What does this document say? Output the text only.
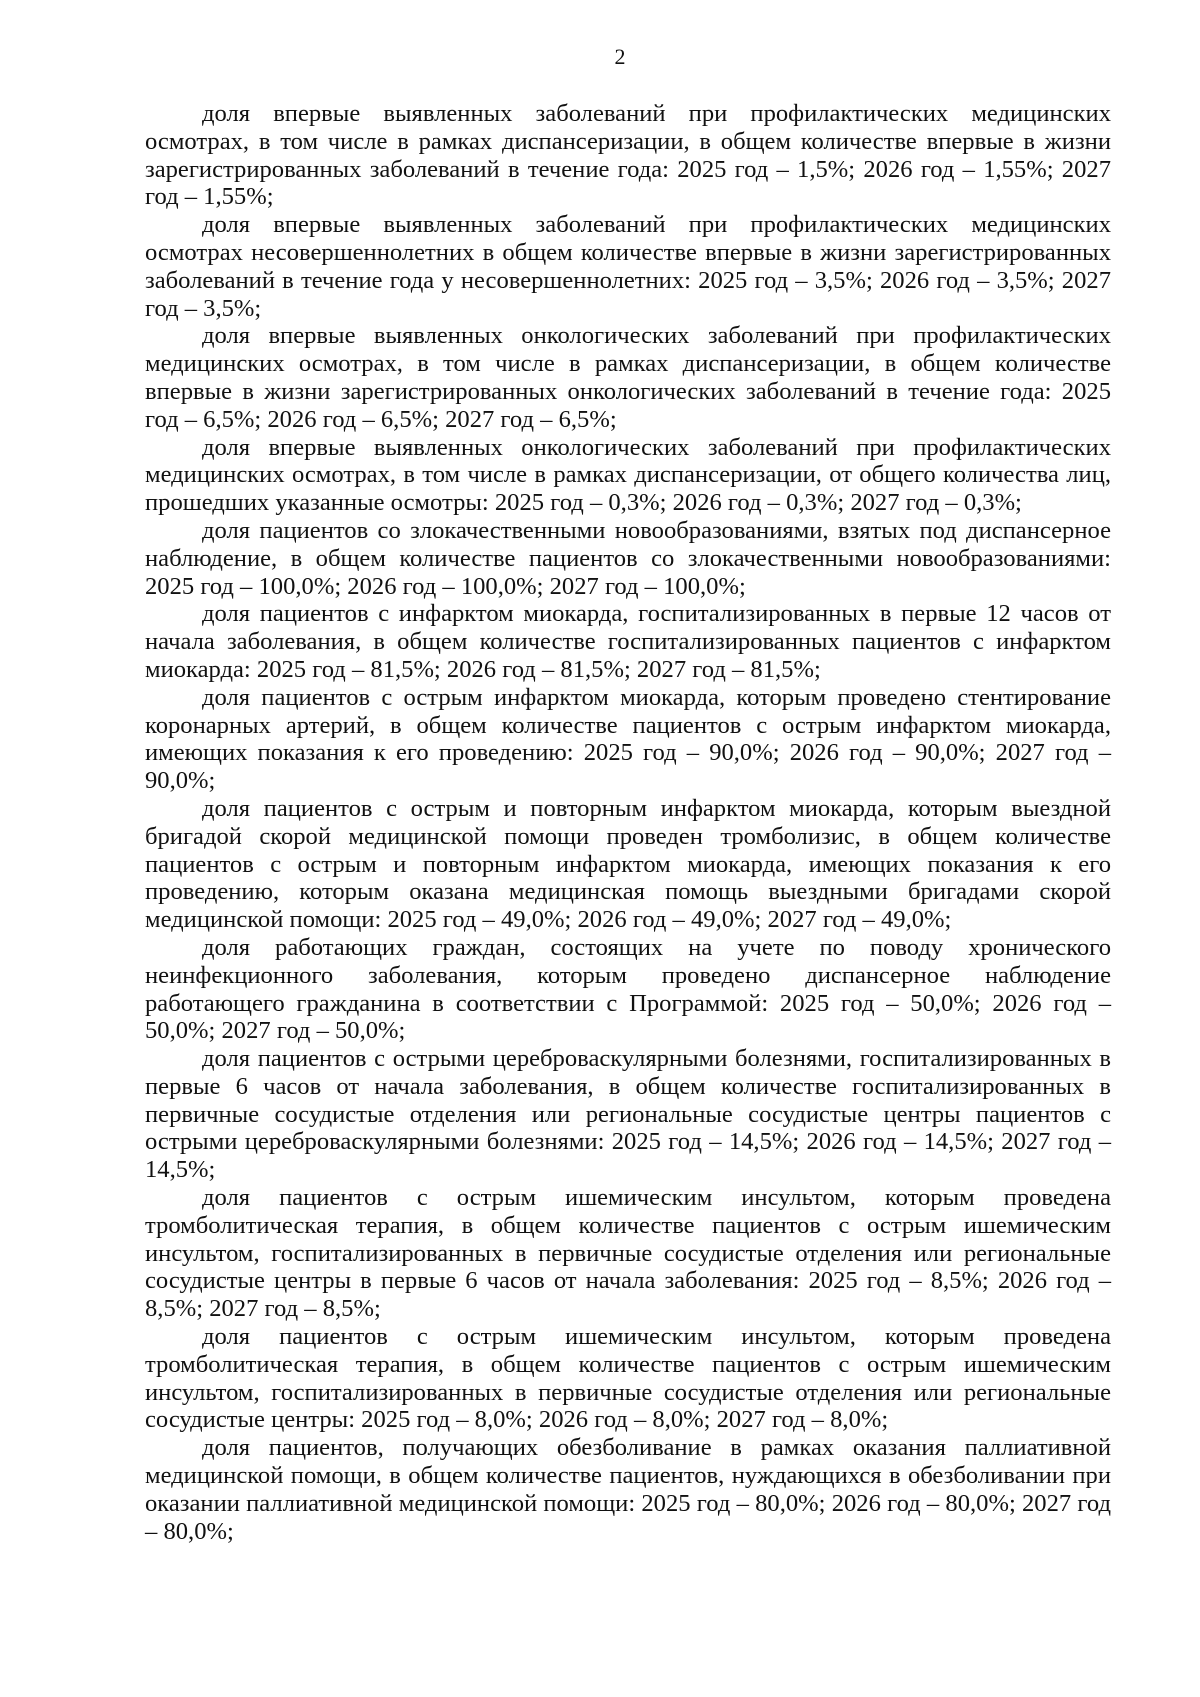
2

доля впервые выявленных заболеваний при профилактических медицинских осмотрах, в том числе в рамках диспансеризации, в общем количестве впервые в жизни зарегистрированных заболеваний в течение года: 2025 год – 1,5%; 2026 год – 1,55%; 2027 год – 1,55%;

доля впервые выявленных заболеваний при профилактических медицинских осмотрах несовершеннолетних в общем количестве впервые в жизни зарегистрированных заболеваний в течение года у несовершеннолетних: 2025 год – 3,5%; 2026 год – 3,5%; 2027 год – 3,5%;

доля впервые выявленных онкологических заболеваний при профилактических медицинских осмотрах, в том числе в рамках диспансеризации, в общем количестве впервые в жизни зарегистрированных онкологических заболеваний в течение года: 2025 год – 6,5%; 2026 год – 6,5%; 2027 год – 6,5%;

доля впервые выявленных онкологических заболеваний при профилактических медицинских осмотрах, в том числе в рамках диспансеризации, от общего количества лиц, прошедших указанные осмотры: 2025 год – 0,3%; 2026 год – 0,3%; 2027 год – 0,3%;

доля пациентов со злокачественными новообразованиями, взятых под диспансерное наблюдение, в общем количестве пациентов со злокачественными новообразованиями: 2025 год – 100,0%; 2026 год – 100,0%; 2027 год – 100,0%;

доля пациентов с инфарктом миокарда, госпитализированных в первые 12 часов от начала заболевания, в общем количестве госпитализированных пациентов с инфарктом миокарда: 2025 год – 81,5%; 2026 год – 81,5%; 2027 год – 81,5%;

доля пациентов с острым инфарктом миокарда, которым проведено стентирование коронарных артерий, в общем количестве пациентов с острым инфарктом миокарда, имеющих показания к его проведению: 2025 год – 90,0%; 2026 год – 90,0%; 2027 год – 90,0%;

доля пациентов с острым и повторным инфарктом миокарда, которым выездной бригадой скорой медицинской помощи проведен тромболизис, в общем количестве пациентов с острым и повторным инфарктом миокарда, имеющих показания к его проведению, которым оказана медицинская помощь выездными бригадами скорой медицинской помощи: 2025 год – 49,0%; 2026 год – 49,0%; 2027 год – 49,0%;

доля работающих граждан, состоящих на учете по поводу хронического неинфекционного заболевания, которым проведено диспансерное наблюдение работающего гражданина в соответствии с Программой: 2025 год – 50,0%; 2026 год –50,0%; 2027 год – 50,0%;

доля пациентов с острыми цереброваскулярными болезнями, госпитализированных в первые 6 часов от начала заболевания, в общем количестве госпитализированных в первичные сосудистые отделения или региональные сосудистые центры пациентов с острыми цереброваскулярными болезнями: 2025 год – 14,5%; 2026 год – 14,5%; 2027 год – 14,5%;

доля пациентов с острым ишемическим инсультом, которым проведена тромболитическая терапия, в общем количестве пациентов с острым ишемическим инсультом, госпитализированных в первичные сосудистые отделения или региональные сосудистые центры в первые 6 часов от начала заболевания: 2025 год – 8,5%; 2026 год – 8,5%; 2027 год – 8,5%;

доля пациентов с острым ишемическим инсультом, которым проведена тромболитическая терапия, в общем количестве пациентов с острым ишемическим инсультом, госпитализированных в первичные сосудистые отделения или региональные сосудистые центры: 2025 год – 8,0%; 2026 год – 8,0%; 2027 год – 8,0%;

доля пациентов, получающих обезболивание в рамках оказания паллиативной медицинской помощи, в общем количестве пациентов, нуждающихся в обезболивании при оказании паллиативной медицинской помощи: 2025 год – 80,0%; 2026 год – 80,0%; 2027 год – 80,0%;
